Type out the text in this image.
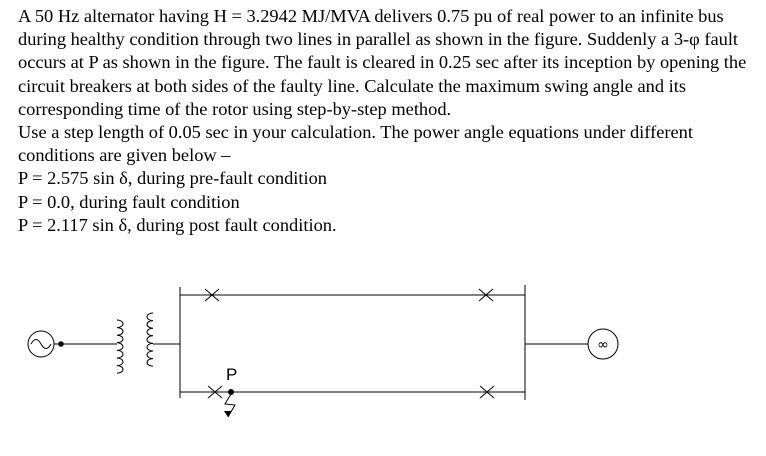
A 50 Hz alternator having H = 3.2942 MJ/MVA delivers 0.75 pu of real power to an infinite bus during healthy condition through two lines in parallel as shown in the figure. Suddenly a 3-φ fault occurs at P as shown in the figure. The fault is cleared in 0.25 sec after its inception by opening the circuit breakers at both sides of the faulty line. Calculate the maximum swing angle and its corresponding time of the rotor using step-by-step method.

Use a step length of 0.05 sec in your calculation. The power angle equations under different conditions are given below –

P = 2.575 sin δ, during pre-fault condition

P = 0.0, during fault condition

P = 2.117 sin δ, during post fault condition.

P
∞
